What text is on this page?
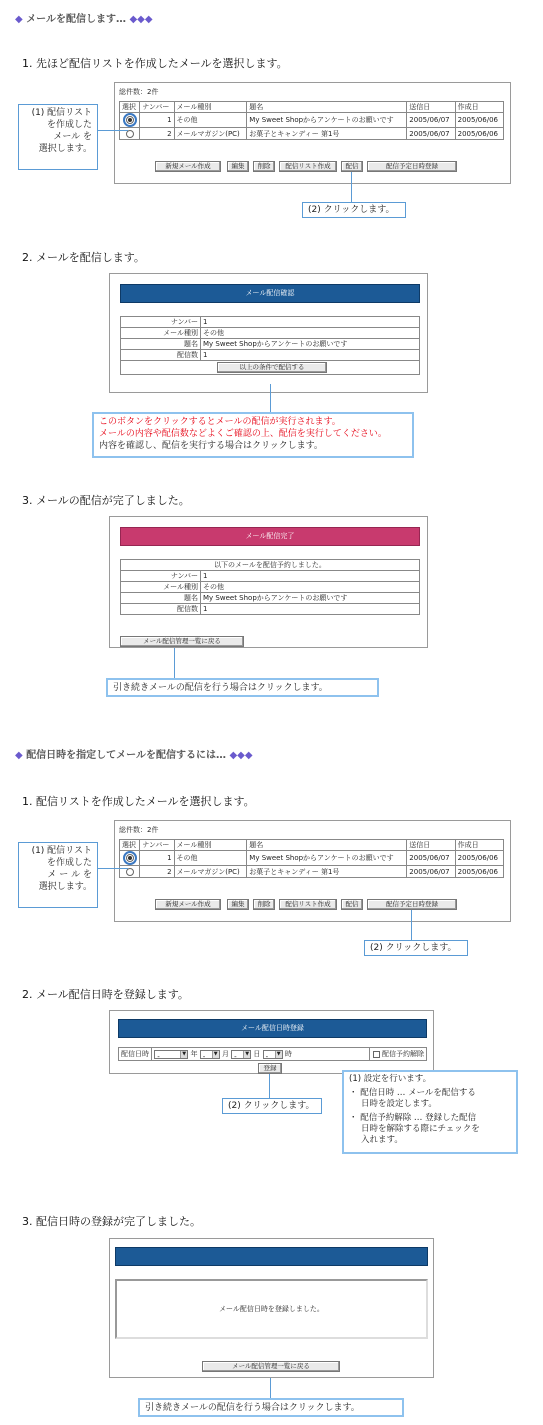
◆ メールを配信します… ◆◆◆
1. 先ほど配信リストを作成したメールを選択します。
総件数：2件
選択	ナンバー	メール種別	題名	送信日	作成日
	1	その他	My Sweet Shopからアンケートのお願いです	2005/06/07	2005/06/06
	2	メールマガジン(PC)	お菓子とキャンディー 第1号	2005/06/07	2005/06/06
新規メール作成	編集	削除	配信リスト作成	配信	配信予定日時登録
(1) 配信リスト
を作成した
メール を
選択します。
(2) クリックします。
2. メールを配信します。
メール配信確認
ナンバー	1
メール種別	その他
題名	My Sweet Shopからアンケートのお願いです
配信数	1

以上の条件で配信する	
このボタンをクリックするとメールの配信が実行されます。
メールの内容や配信数などよくご確認の上、配信を実行してください。
内容を確認し、配信を実行する場合はクリックします。
3. メールの配信が完了しました。
メール配信完了
以下のメールを配信予約しました。	
ナンバー	1
メール種別	その他
題名	My Sweet Shopからアンケートのお願いです
配信数	1
メール配信管理一覧に戻る
引き続きメールの配信を行う場合はクリックします。
◆ 配信日時を指定してメールを配信するには… ◆◆◆
1. 配信リストを作成したメールを選択します。
総件数：2件
選択	ナンバー	メール種別	題名	送信日	作成日
	1	その他	My Sweet Shopからアンケートのお願いです	2005/06/07	2005/06/06
	2	メールマガジン(PC)	お菓子とキャンディー 第1号	2005/06/07	2005/06/06
新規メール作成	編集	削除	配信リスト作成	配信	配信予定日時登録
(1) 配信リスト
を作成した
メ ー ル を
選択します。
(2) クリックします。
2. メール配信日時を登録します。
メール配信日時登録
配信日時 -	▼ 年 -	▼ 月 -	▼ 日 -	▼ 時	配信予約解除
登録
(2) クリックします。
(1) 設定を行います。
・ 配信日時 … メールを配信する
日時を設定します。
・ 配信予約解除 … 登録した配信
日時を解除する際にチェックを
入れます。
3. 配信日時の登録が完了しました。
メール配信日時を登録しました。
メール配信管理一覧に戻る
引き続きメールの配信を行う場合はクリックします。
